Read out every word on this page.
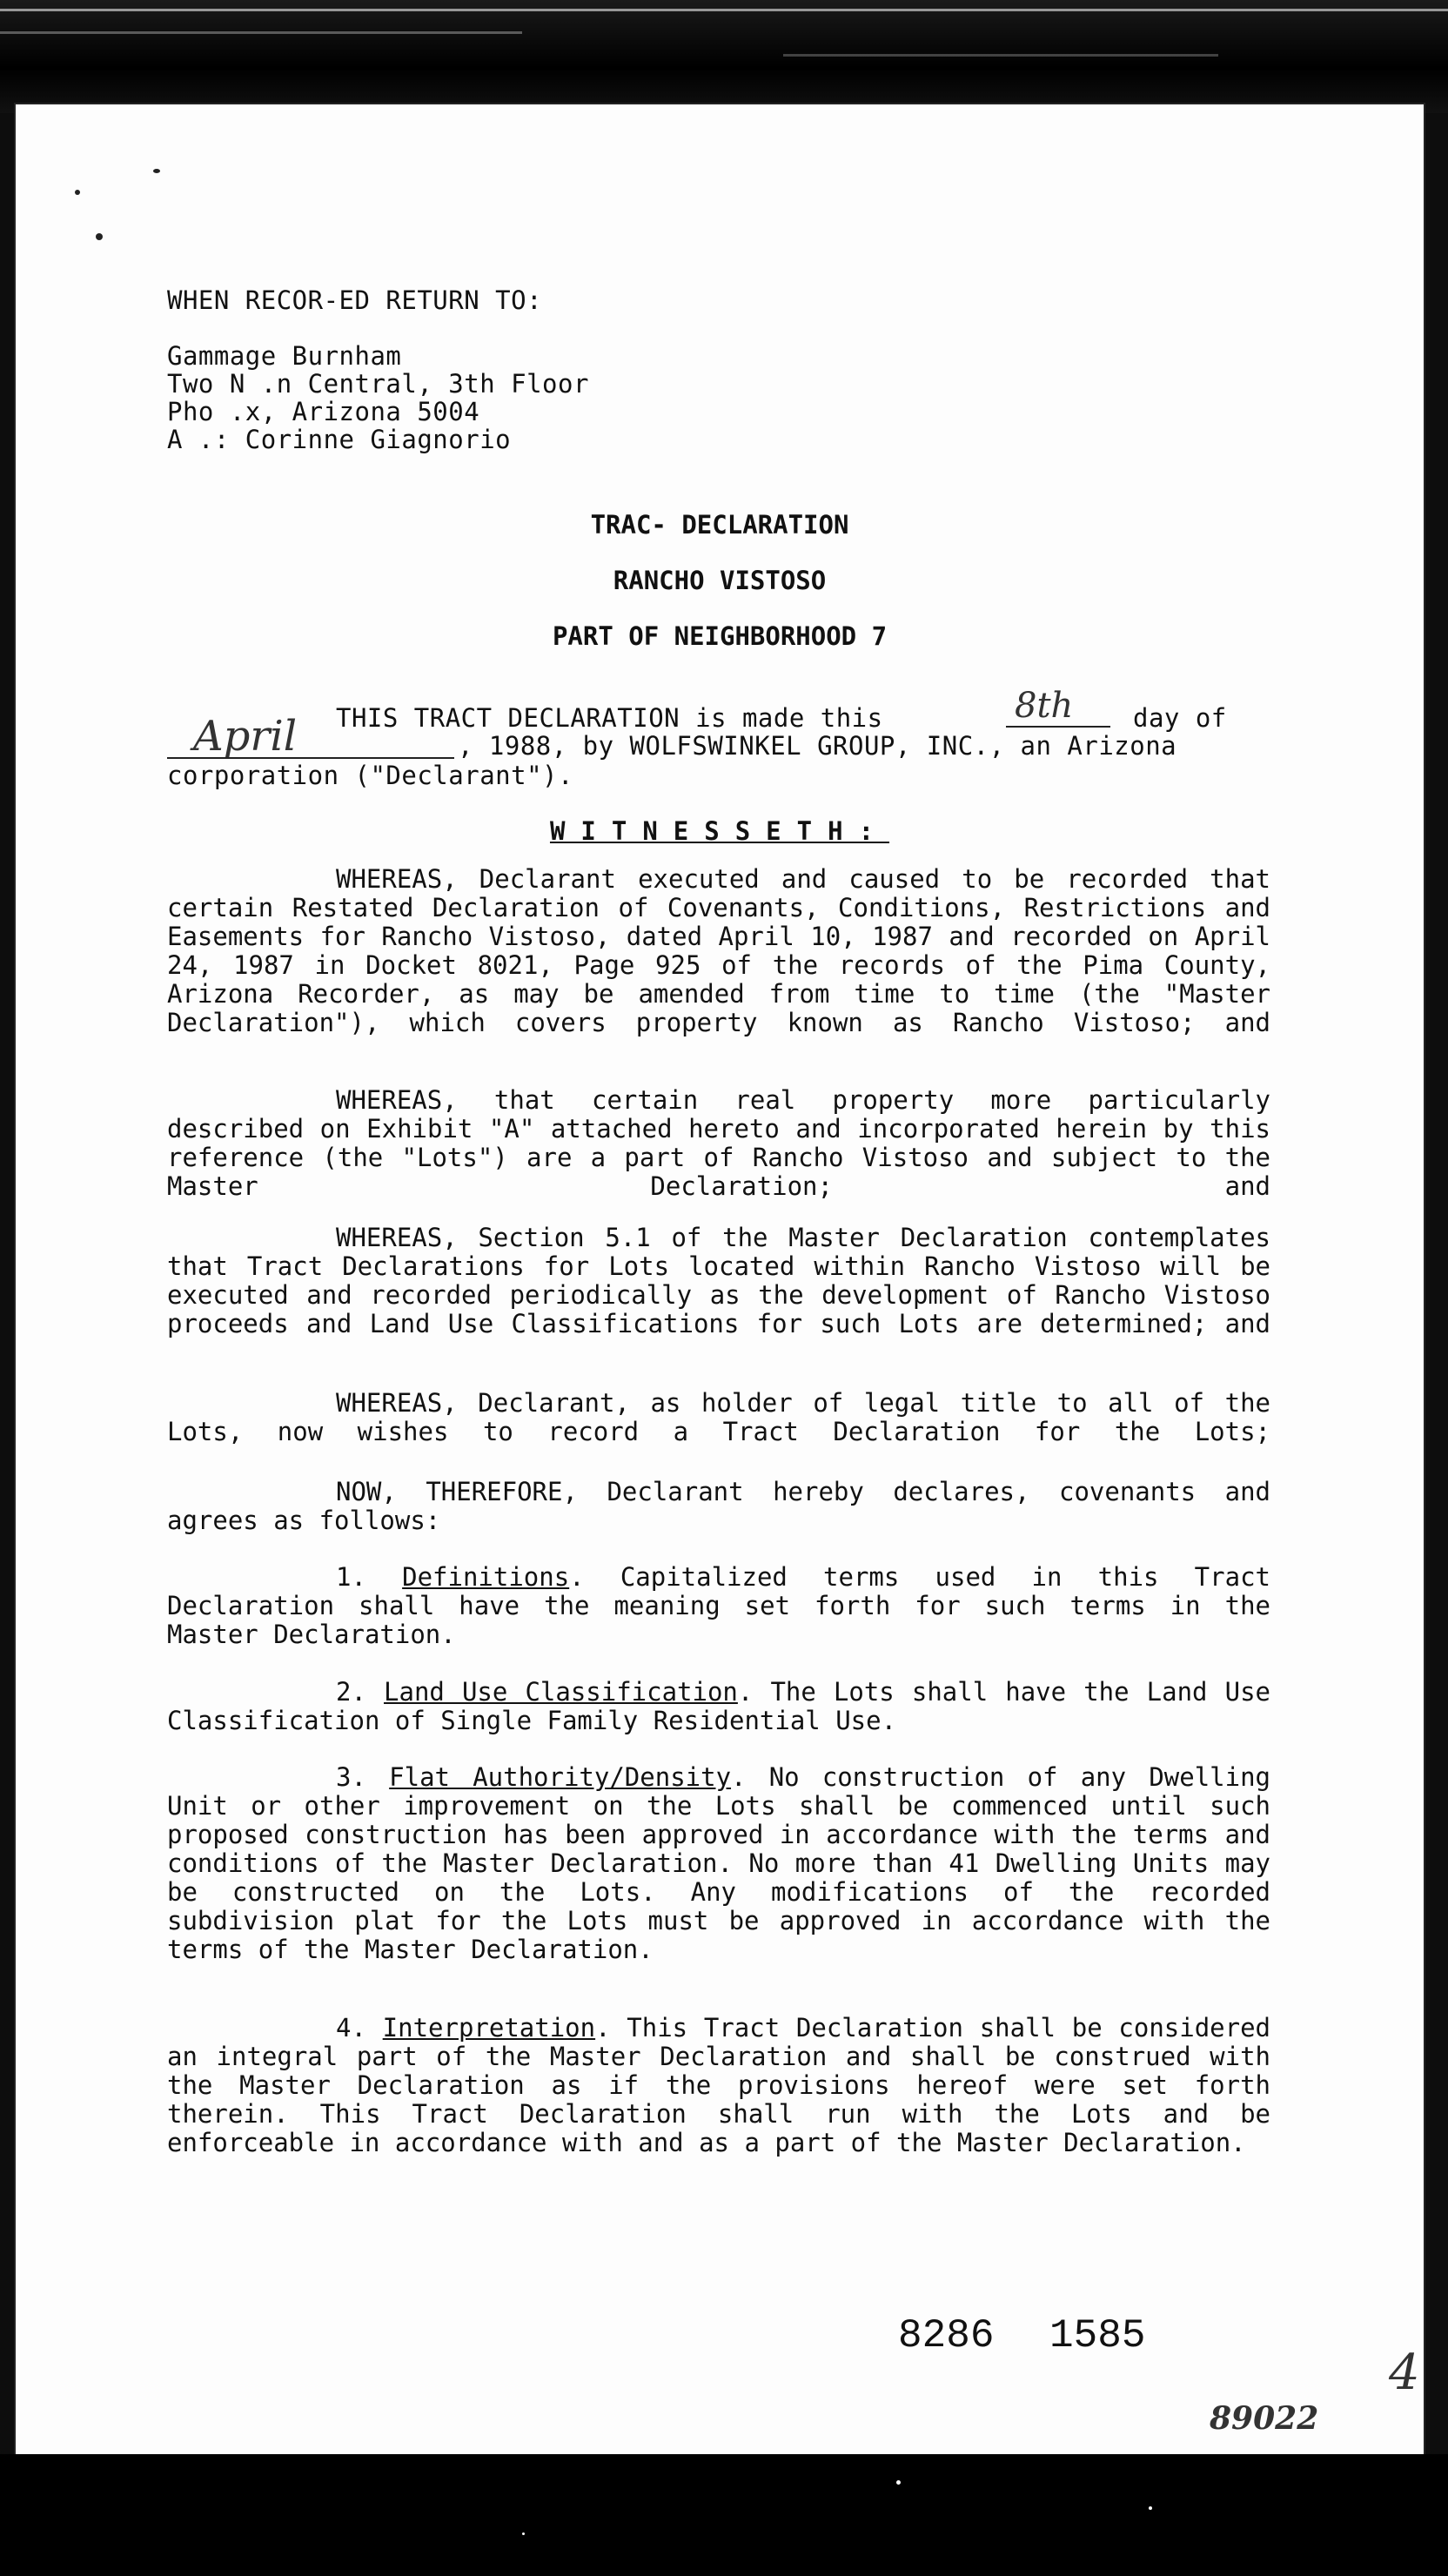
WHEN RECOR‐ED RETURN TO:
Gammage Burnham
Two N .n Central, 3th Floor
Pho .x, Arizona 5004
A .: Corinne Giagnorio
TRAC‐ DECLARATION
RANCHO VISTOSO
PART OF NEIGHBORHOOD 7
THIS TRACT DECLARATION is made this	8th day of
April	, 1988, by WOLFSWINKEL GROUP, INC., an Arizona
corporation ("Declarant").
WITNESSETH:
WHEREAS, Declarant executed and caused to be recorded that certain Restated Declaration of Covenants, Conditions, Restrictions and Easements for Rancho Vistoso, dated April 10, 1987 and recorded on April 24, 1987 in Docket 8021, Page 925 of the records of the Pima County, Arizona Recorder, as may be amended from time to time (the "Master Declaration"), which covers property known as Rancho Vistoso; and
WHEREAS, that certain real property more particularly described on Exhibit "A" attached hereto and incorporated herein by this reference (the "Lots") are a part of Rancho Vistoso and subject to the Master Declaration; and
WHEREAS, Section 5.1 of the Master Declaration contemplates that Tract Declarations for Lots located within Rancho Vistoso will be executed and recorded periodically as the development of Rancho Vistoso proceeds and Land Use Classifications for such Lots are determined; and
WHEREAS, Declarant, as holder of legal title to all of the Lots, now wishes to record a Tract Declaration for the Lots;
NOW, THEREFORE, Declarant hereby declares, covenants and agrees as follows:
1. Definitions. Capitalized terms used in this Tract Declaration shall have the meaning set forth for such terms in the Master Declaration.
2. Land Use Classification. The Lots shall have the Land Use Classification of Single Family Residential Use.
3. Flat Authority/Density. No construction of any Dwelling Unit or other improvement on the Lots shall be commenced until such proposed construction has been approved in accordance with the terms and conditions of the Master Declaration. No more than 41 Dwelling Units may be constructed on the Lots. Any modifications of the recorded subdivision plat for the Lots must be approved in accordance with the terms of the Master Declaration.
4. Interpretation. This Tract Declaration shall be considered an integral part of the Master Declaration and shall be construed with the Master Declaration as if the provisions hereof were set forth therein. This Tract Declaration shall run with the Lots and be enforceable in accordance with and as a part of the Master Declaration.
8286 1585
4
89022
